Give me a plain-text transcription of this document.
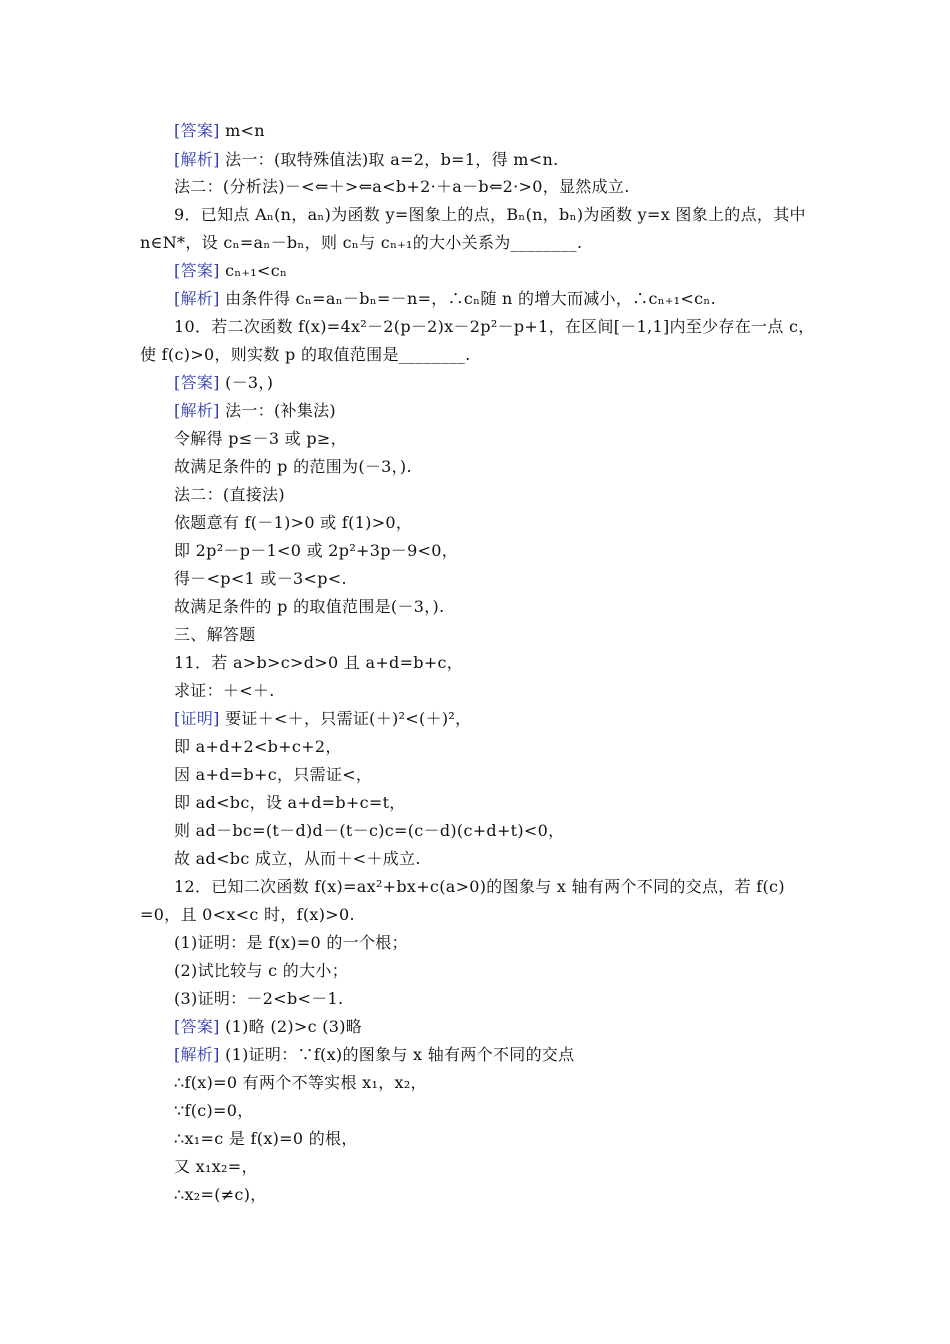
[答案] m<n
[解析] 法一：(取特殊值法)取 a=2，b=1，得 m<n.
法二：(分析法)－<⇐＋>⇐a<b+2·＋a－b⇐2·>0，显然成立.
9．已知点 Aₙ(n，aₙ)为函数 y=图象上的点，Bₙ(n，bₙ)为函数 y=x 图象上的点，其中
n∈N*，设 cₙ=aₙ－bₙ，则 cₙ与 cₙ₊₁的大小关系为________.
[答案] cₙ₊₁<cₙ
[解析] 由条件得 cₙ=aₙ－bₙ=－n=，∴cₙ随 n 的增大而减小，∴cₙ₊₁<cₙ.
10．若二次函数 f(x)=4x²－2(p－2)x－2p²－p+1，在区间[－1,1]内至少存在一点 c，
使 f(c)>0，则实数 p 的取值范围是________.
[答案] (－3，)
[解析] 法一：(补集法)
令解得 p≤－3 或 p≥，
故满足条件的 p 的范围为(－3，).
法二：(直接法)
依题意有 f(－1)>0 或 f(1)>0，
即 2p²－p－1<0 或 2p²+3p－9<0，
得－<p<1 或－3<p<.
故满足条件的 p 的取值范围是(－3，).
三、解答题
11．若 a>b>c>d>0 且 a+d=b+c，
求证：＋<＋.
[证明] 要证＋<＋，只需证(＋)²<(＋)²，
即 a+d+2<b+c+2，
因 a+d=b+c，只需证<，
即 ad<bc，设 a+d=b+c=t，
则 ad－bc=(t－d)d－(t－c)c=(c－d)(c+d+t)<0，
故 ad<bc 成立，从而＋<＋成立.
12．已知二次函数 f(x)=ax²+bx+c(a>0)的图象与 x 轴有两个不同的交点，若 f(c)
=0，且 0<x<c 时，f(x)>0.
(1)证明：是 f(x)=0 的一个根；
(2)试比较与 c 的大小；
(3)证明：－2<b<－1.
[答案] (1)略 (2)>c (3)略
[解析] (1)证明：∵f(x)的图象与 x 轴有两个不同的交点
∴f(x)=0 有两个不等实根 x₁，x₂，
∵f(c)=0，
∴x₁=c 是 f(x)=0 的根，
又 x₁x₂=，
∴x₂=(≠c)，
